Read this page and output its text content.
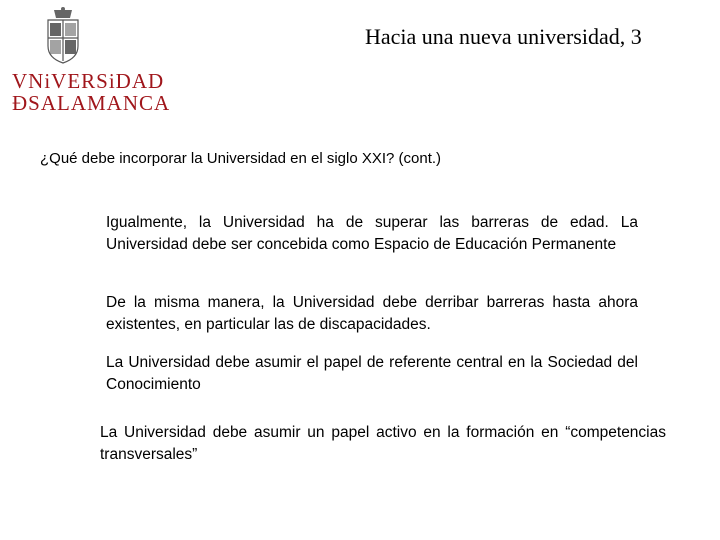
VNiVERSiDAD
ÐSALAMANCA
Hacia una nueva universidad, 3
¿Qué debe incorporar la Universidad en el siglo XXI? (cont.)

Igualmente, la Universidad ha de superar las barreras de edad. La Universidad debe ser concebida como Espacio de Educación Permanente

De la misma manera, la Universidad debe derribar barreras hasta ahora existentes, en particular las de discapacidades.

La Universidad debe asumir el papel de referente central en la Sociedad del Conocimiento

La Universidad debe asumir un papel activo en la formación en “competencias transversales”
